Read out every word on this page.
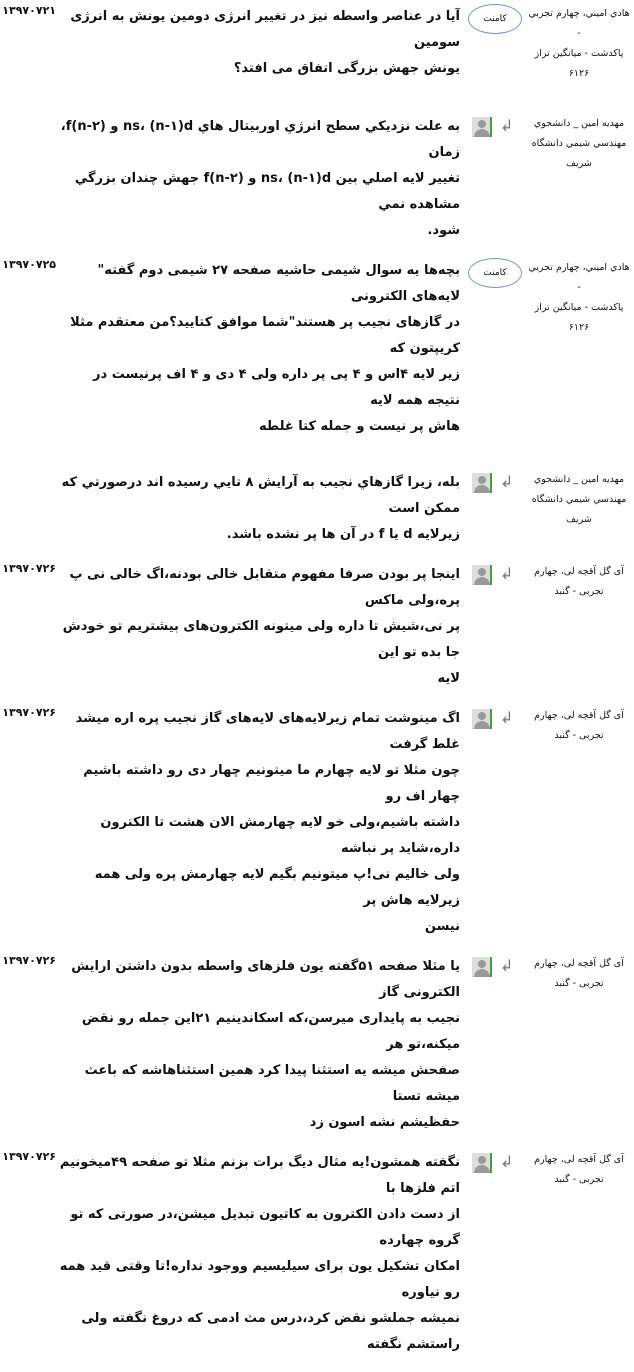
۱۳۹۷۰۷۲۱	آیا در عناصر واسطه نیز در تغییر انرژی دومین یونش به انرژی سومین
یونش جهش بزرگی اتفاق می افتد؟
کامنت	هادي اميني، چهارم تجربي -
پاكدشت - ميانگين تراز
۶۱۲۶
به علت نزديكي سطح انرژي اوربيتال هاي ns، (n-۱)d و (n-۲)f، زمان
تغيير لايه اصلي بين ns، (n-۱)d و (n-۲)f جهش چندان بزرگي مشاهده نمي
شود.
↲	مهديه امين _ دانشجوي
مهندسي شيمي دانشگاه
شريف
۱۳۹۷۰۷۲۵	بچه‌ها یه سوال شیمی حاشیه صفحه ۲۷ شیمی دوم گفته" لایه‌های الکترونی
در گازهای نجیب پر هستند"شما موافق کتایید؟من معتقدم مثلا کریپتون که
زیر لایه ۴اس و ۴ پی پر داره ولی ۴ دی و ۴ اف پرنیست در نتیجه همه لایه
هاش پر نیست و جمله کتا غلطه
کامنت	هادي اميني، چهارم تجربي -
پاكدشت - ميانگين تراز
۶۱۲۶
بله، زيرا گازهاي نجيب به آرايش ۸ تايي رسيده اند درصورتي كه ممكن است
زيرلايه d يا f در آن ها پر نشده باشد.
↲	مهديه امين _ دانشجوي
مهندسي شيمي دانشگاه
شريف
۱۳۹۷۰۷۲۶	اینجا پر بودن صرفا مفهوم متقابل خالی بودنه،اگ خالی نی پ پره،ولی ماکس
پر نی،شیش تا داره ولی میتونه الکترون‌های بیشتریم تو خودش جا بده تو این
لایه
↲	آی گل آقچه لی، چهارم
تجربی - گنبد
۱۳۹۷۰۷۲۶	اگ مینوشت تمام زیرلایه‌های لایه‌های گاز نجیب پره اره میشد غلط گرفت
چون مثلا تو لایه چهارم ما میتونیم چهار دی رو داشته باشیم چهار اف رو
داشته باشیم،ولی خو لایه چهارمش الان هشت تا الکترون داره،شاید پر نباشه
ولی خالیم نی!پ میتونیم بگیم لایه چهارمش پره ولی همه زیرلایه هاش پر
نیسن
↲	آی گل آقچه لی، چهارم
تجربی - گنبد
۱۳۹۷۰۷۲۶	یا مثلا صفحه ۵۱گفته یون فلزهای واسطه بدون داشتن ارایش الکترونی گاز
نجیب به پایداری میرسن،که اسکاندینیم ۲۱این جمله رو نقض میکنه،تو هر
صفحش میشه یه استثنا پیدا کرد همین استثناهاشه که باعث میشه تستا
حفظیشم نشه اسون زد
↲	آی گل آقچه لی، چهارم
تجربی - گنبد
۱۳۹۷۰۷۲۶ نگفته همشون!یه مثال دیگ برات بزنم مثلا تو صفحه ۴۹میخونیم اتم فلزها با
از دست دادن الکترون به کاتیون تبدیل میشن،در صورتی که تو گروه چهارده
امکان تشکیل یون برای سیلیسیم ووجود نداره!تا وقتی قید همه رو نیاوره
نمیشه جملشو نقض کرد،درس مث ادمی که دروغ نگفته ولی راستشم نگفته
↲	آی گل آقچه لی، چهارم
تجربی - گنبد
